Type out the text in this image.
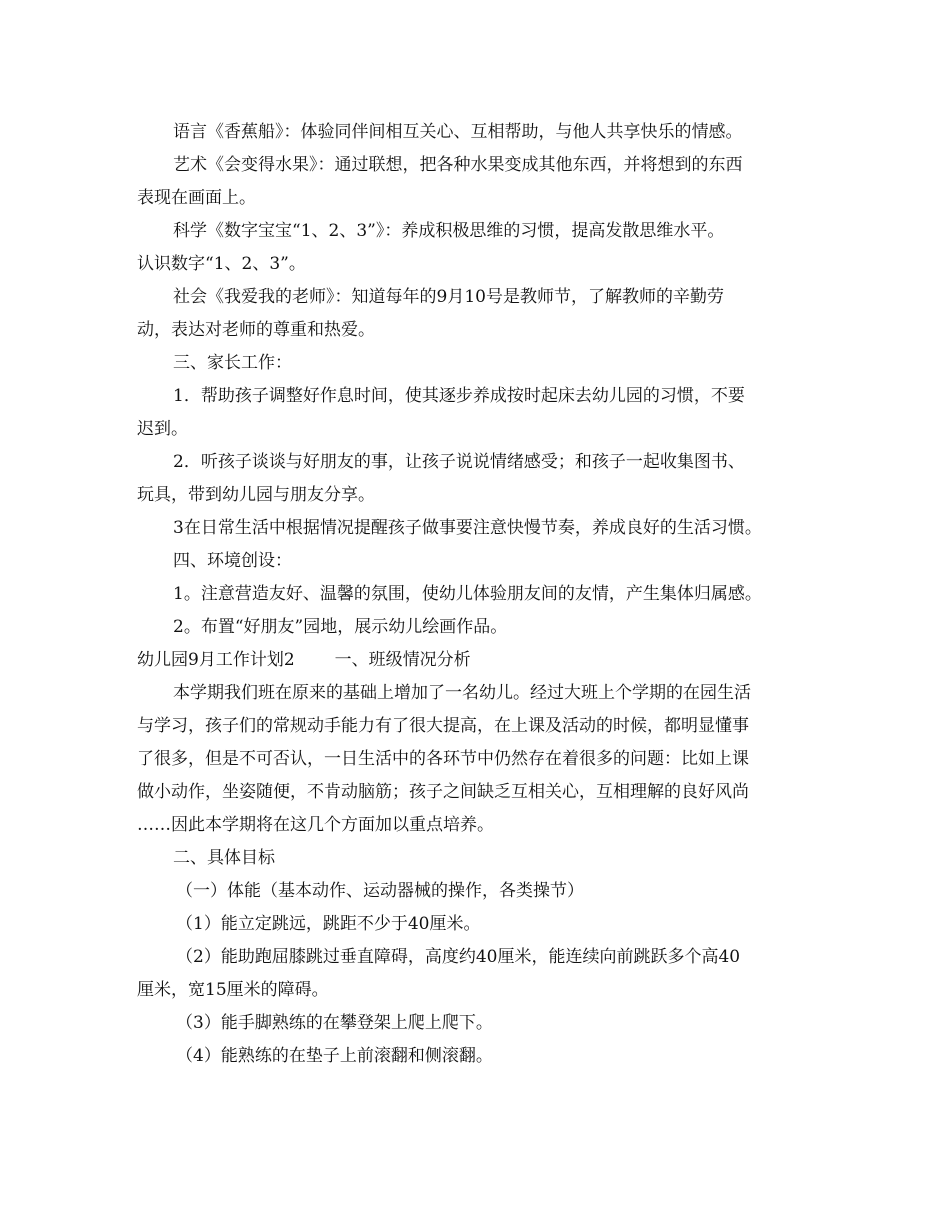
语言《香蕉船》：体验同伴间相互关心、互相帮助，与他人共享快乐的情感。
艺术《会变得水果》：通过联想，把各种水果变成其他东西，并将想到的东西
表现在画面上。
科学《数字宝宝“1、2、3”》：养成积极思维的习惯，提高发散思维水平。
认识数字“1、2、3”。
社会《我爱我的老师》：知道每年的9月10号是教师节，了解教师的辛勤劳
动，表达对老师的尊重和热爱。
三、家长工作：
1．帮助孩子调整好作息时间，使其逐步养成按时起床去幼儿园的习惯，不要
迟到。
2．听孩子谈谈与好朋友的事，让孩子说说情绪感受；和孩子一起收集图书、
玩具，带到幼儿园与朋友分享。
3在日常生活中根据情况提醒孩子做事要注意快慢节奏，养成良好的生活习惯。
四、环境创设：
1。注意营造友好、温馨的氛围，使幼儿体验朋友间的友情，产生集体归属感。
2。布置“好朋友”园地，展示幼儿绘画作品。
幼儿园9月工作计划2 一、班级情况分析
本学期我们班在原来的基础上增加了一名幼儿。经过大班上个学期的在园生活
与学习，孩子们的常规动手能力有了很大提高，在上课及活动的时候，都明显懂事
了很多，但是不可否认，一日生活中的各环节中仍然存在着很多的问题：比如上课
做小动作，坐姿随便，不肯动脑筋；孩子之间缺乏互相关心，互相理解的良好风尚
……因此本学期将在这几个方面加以重点培养。
二、具体目标
（一）体能（基本动作、运动器械的操作，各类操节）
（1）能立定跳远，跳距不少于40厘米。
（2）能助跑屈膝跳过垂直障碍，高度约40厘米，能连续向前跳跃多个高40
厘米，宽15厘米的障碍。
（3）能手脚熟练的在攀登架上爬上爬下。
（4）能熟练的在垫子上前滚翻和侧滚翻。
